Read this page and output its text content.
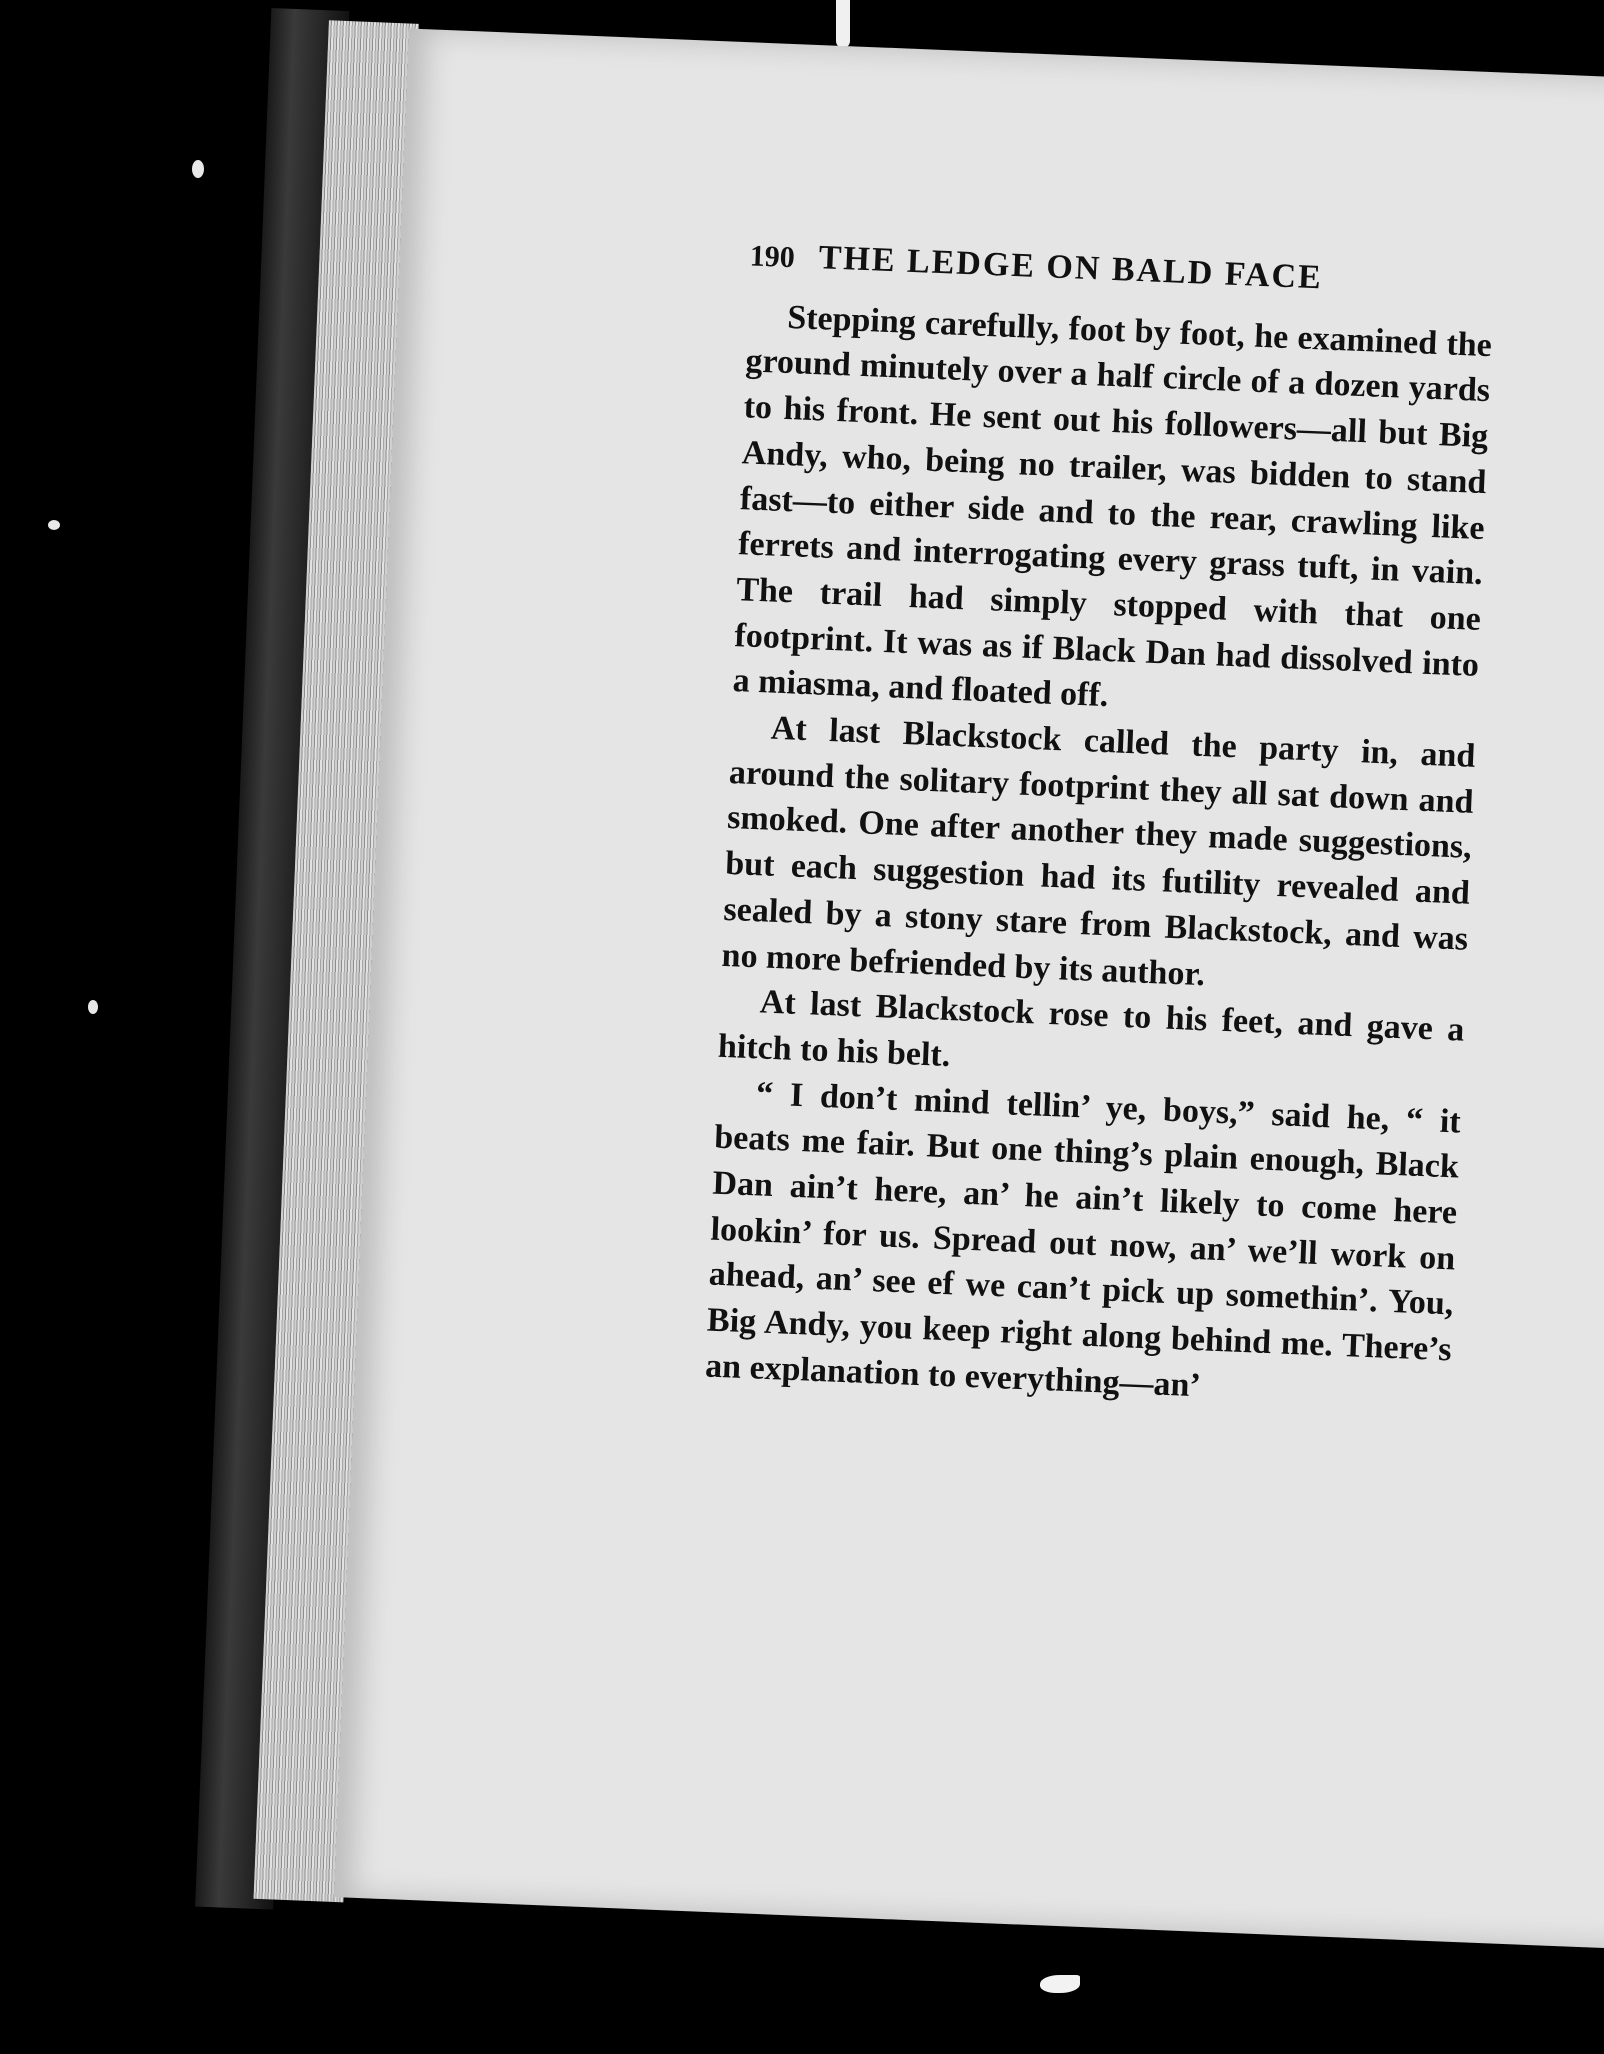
190 THE LEDGE ON BALD FACE

Stepping carefully, foot by foot, he examined the ground minutely over a half circle of a dozen yards to his front. He sent out his followers—all but Big Andy, who, being no trailer, was bidden to stand fast—to either side and to the rear, crawling like ferrets and interrogating every grass tuft, in vain. The trail had simply stopped with that one footprint. It was as if Black Dan had dissolved into a miasma, and floated off.

At last Blackstock called the party in, and around the solitary footprint they all sat down and smoked. One after another they made suggestions, but each suggestion had its futility revealed and sealed by a stony stare from Blackstock, and was no more befriended by its author.

At last Blackstock rose to his feet, and gave a hitch to his belt.

“ I don’t mind tellin’ ye, boys,” said he, “ it beats me fair. But one thing’s plain enough, Black Dan ain’t here, an’ he ain’t likely to come here lookin’ for us. Spread out now, an’ we’ll work on ahead, an’ see ef we can’t pick up somethin’. You, Big Andy, you keep right along behind me. There’s an explanation to everything—an’
